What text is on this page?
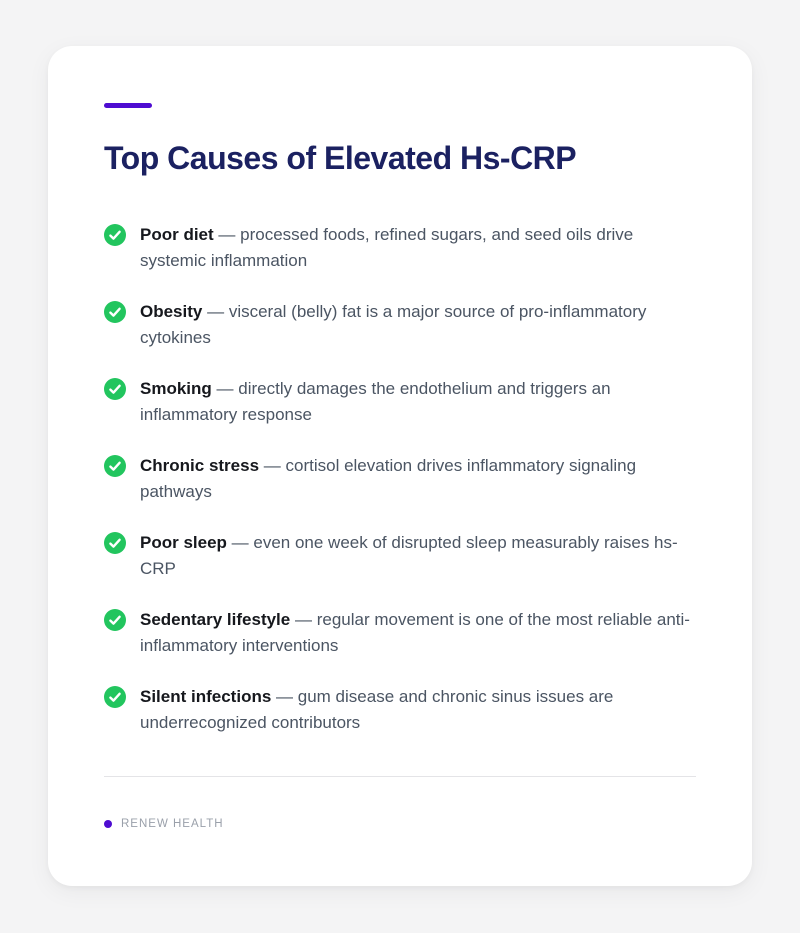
Top Causes of Elevated Hs-CRP

Poor diet — processed foods, refined sugars, and seed oils drive systemic inflammation

Obesity — visceral (belly) fat is a major source of pro-inflammatory cytokines

Smoking — directly damages the endothelium and triggers an inflammatory response

Chronic stress — cortisol elevation drives inflammatory signaling pathways

Poor sleep — even one week of disrupted sleep measurably raises hs-CRP

Sedentary lifestyle — regular movement is one of the most reliable anti-inflammatory interventions

Silent infections — gum disease and chronic sinus issues are underrecognized contributors

RENEW HEALTH
